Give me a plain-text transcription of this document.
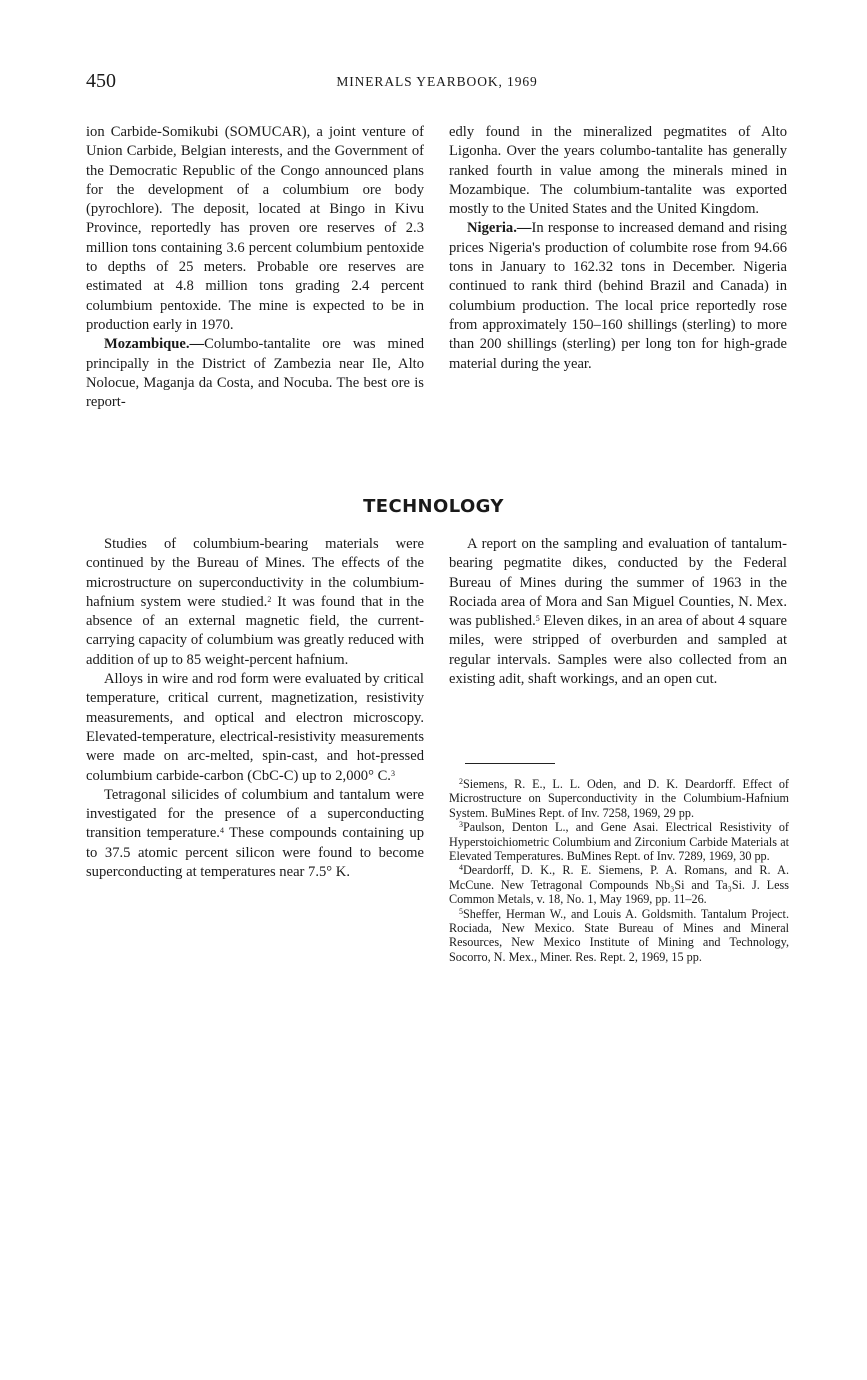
450	MINERALS YEARBOOK, 1969

ion Carbide-Somikubi (SOMUCAR), a joint venture of Union Carbide, Belgian interests, and the Government of the Democratic Republic of the Congo announced plans for the development of a columbium ore body (pyrochlore). The deposit, located at Bingo in Kivu Province, reportedly has proven ore reserves of 2.3 million tons containing 3.6 percent columbium pentoxide to depths of 25 meters. Probable ore reserves are estimated at 4.8 million tons grading 2.4 percent columbium pentoxide. The mine is expected to be in production early in 1970.

Mozambique.—Columbo-tantalite ore was mined principally in the District of Zambezia near Ile, Alto Nolocue, Maganja da Costa, and Nocuba. The best ore is report-

edly found in the mineralized pegmatites of Alto Ligonha. Over the years columbo-tantalite has generally ranked fourth in value among the minerals mined in Mozambique. The columbium-tantalite was exported mostly to the United States and the United Kingdom.

Nigeria.—In response to increased demand and rising prices Nigeria's production of columbite rose from 94.66 tons in January to 162.32 tons in December. Nigeria continued to rank third (behind Brazil and Canada) in columbium production. The local price reportedly rose from approximately 150–160 shillings (sterling) to more than 200 shillings (sterling) per long ton for high-grade material during the year.

TECHNOLOGY

Studies of columbium-bearing materials were continued by the Bureau of Mines. The effects of the microstructure on superconductivity in the columbium-hafnium system were studied.$^2$ It was found that in the absence of an external magnetic field, the current-carrying capacity of columbium was greatly reduced with addition of up to 85 weight-percent hafnium.

Alloys in wire and rod form were evaluated by critical temperature, critical current, magnetization, resistivity measurements, and optical and electron microscopy. Elevated-temperature, electrical-resistivity measurements were made on arc-melted, spin-cast, and hot-pressed columbium carbide-carbon (CbC-C) up to 2,000° C.$^3$

Tetragonal silicides of columbium and tantalum were investigated for the presence of a superconducting transition temperature.$^4$ These compounds containing up to 37.5 atomic percent silicon were found to become superconducting at temperatures near 7.5° K.

A report on the sampling and evaluation of tantalum-bearing pegmatite dikes, conducted by the Federal Bureau of Mines during the summer of 1963 in the Rociada area of Mora and San Miguel Counties, N. Mex. was published.$^5$ Eleven dikes, in an area of about 4 square miles, were stripped of overburden and sampled at regular intervals. Samples were also collected from an existing adit, shaft workings, and an open cut.

$^2$Siemens, R. E., L. L. Oden, and D. K. Deardorff. Effect of Microstructure on Superconductivity in the Columbium-Hafnium System. BuMines Rept. of Inv. 7258, 1969, 29 pp.

$^3$Paulson, Denton L., and Gene Asai. Electrical Resistivity of Hyperstoichiometric Columbium and Zirconium Carbide Materials at Elevated Temperatures. BuMines Rept. of Inv. 7289, 1969, 30 pp.

$^4$Deardorff, D. K., R. E. Siemens, P. A. Romans, and R. A. McCune. New Tetragonal Compounds Nb₃Si and Ta₃Si. J. Less Common Metals, v. 18, No. 1, May 1969, pp. 11–26.

$^5$Sheffer, Herman W., and Louis A. Goldsmith. Tantalum Project. Rociada, New Mexico. State Bureau of Mines and Mineral Resources, New Mexico Institute of Mining and Technology, Socorro, N. Mex., Miner. Res. Rept. 2, 1969, 15 pp.
